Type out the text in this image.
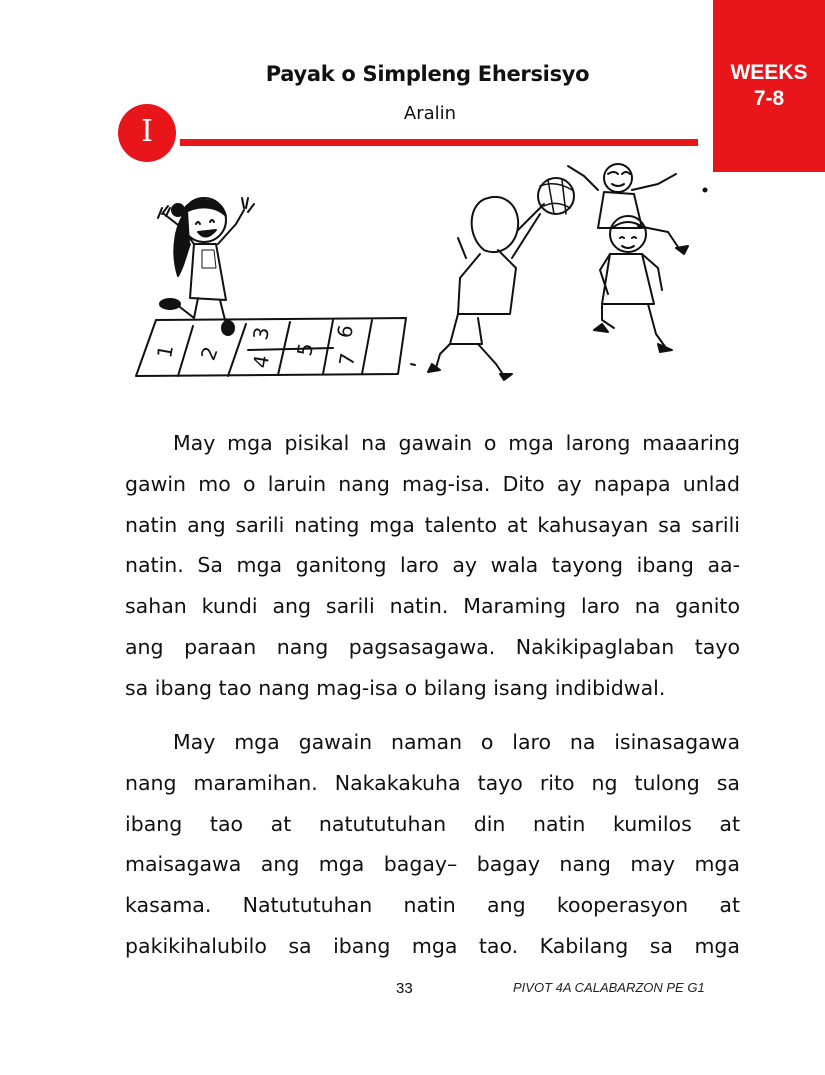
WEEKS
7-8
Payak o Simpleng Ehersisyo
Aralin
I
1 2
3
4
5
6
7
May mga pisikal na gawain o mga larong maaaring
gawin mo o laruin nang mag-isa. Dito ay napapa unlad
natin ang sarili nating mga talento at kahusayan sa sarili
natin. Sa mga ganitong laro ay wala tayong ibang aa-
sahan kundi ang sarili natin. Maraming laro na ganito
ang paraan nang pagsasagawa. Nakikipaglaban tayo
sa ibang tao nang mag-isa o bilang isang indibidwal.
May mga gawain naman o laro na isinasagawa
nang maramihan. Nakakakuha tayo rito ng tulong sa
ibang tao at natututuhan din natin kumilos at
maisagawa ang mga bagay– bagay nang may mga
kasama. Natututuhan natin ang kooperasyon at
pakikihalubilo sa ibang mga tao. Kabilang sa mga
33	PIVOT 4A CALABARZON PE G1
